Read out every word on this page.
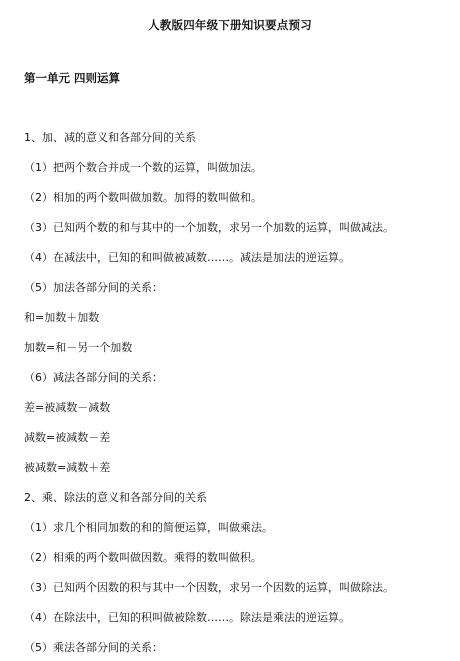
人教版四年级下册知识要点预习
第一单元 四则运算
1、加、减的意义和各部分间的关系
（1）把两个数合并成一个数的运算，叫做加法。
（2）相加的两个数叫做加数。加得的数叫做和。
（3）已知两个数的和与其中的一个加数，求另一个加数的运算，叫做减法。
（4）在减法中，已知的和叫做被减数……。减法是加法的逆运算。
（5）加法各部分间的关系：
和=加数＋加数
加数=和－另一个加数
（6）减法各部分间的关系：
差=被减数－减数
减数=被减数－差
被减数=减数＋差
2、乘、除法的意义和各部分间的关系
（1）求几个相同加数的和的简便运算，叫做乘法。
（2）相乘的两个数叫做因数。乘得的数叫做积。
（3）已知两个因数的积与其中一个因数，求另一个因数的运算，叫做除法。
（4）在除法中，已知的积叫做被除数……。除法是乘法的逆运算。
（5）乘法各部分间的关系：
